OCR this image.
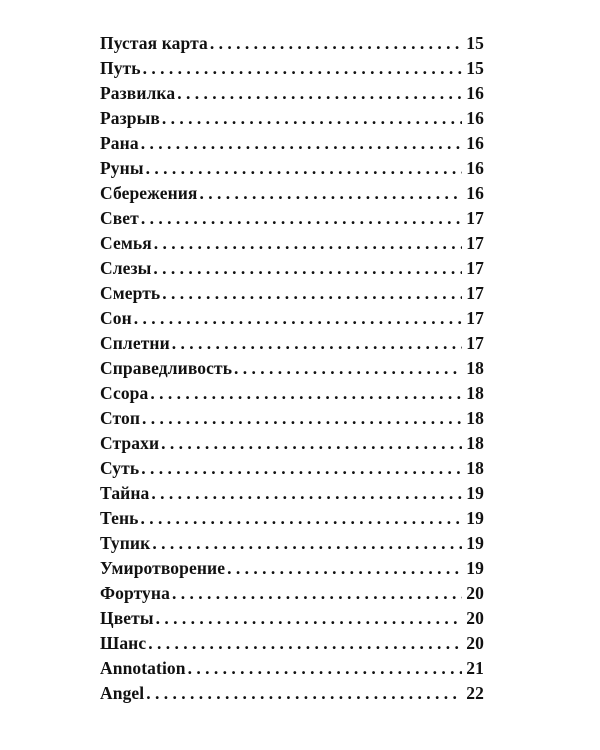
Пустая карта . . .	15
Путь . . .	15
Развилка . . .	16
Разрыв . . .	16
Рана . . .	16
Руны . . .	16
Сбережения . . .	16
Свет . . .	17
Семья . . .	17
Слезы . . .	17
Смерть . . .	17
Сон . . .	17
Сплетни . . .	17
Справедливость . . .	18
Ссора . . .	18
Стоп . . .	18
Страхи . . .	18
Суть . . .	18
Тайна . . .	19
Тень . . .	19
Тупик . . .	19
Умиротворение . . .	19
Фортуна . . .	20
Цветы . . .	20
Шанс . . .	20
Annotation . . .	21
Angel . . .	22
